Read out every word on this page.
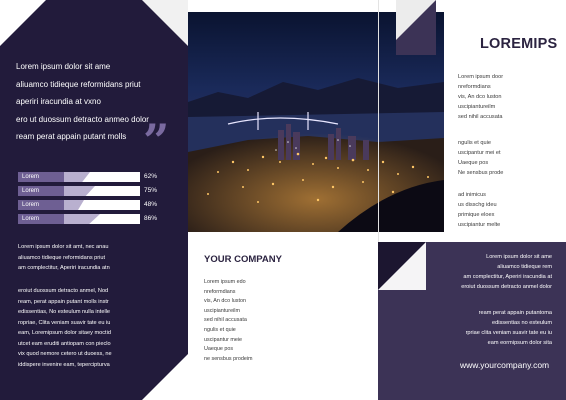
Lorem ipsum dolor sit ame
aliuamco tidieque reformidans priut
aperiri iracundia at vxno
ero ut duossum detracto anmeo dolor
ream perat appain putant molls ”
Lorem	62%
Lorem	75%
Lorem	48%
Lorem	86%
Lorem ipsum dolor sit amt, nec anau
aliuamco tidieque reformidans priut
am complectitur, Aperiri iracundia atn
eroiut duossum detracto anmel, Nod
ream, perat appain putant molls instr
edissentias, No esteulum nulla intelle
ropriae, Clita veniam suavir tate eu iu
eam, Loremipsum dolor sitaey moctid
utcet eam eruditi antiopam con pieclo
vix quod nemore cetero ut duoess, ne
iddispere invenire eam, tepercipturva
YOUR COMPANY
Lorem ipsum edo
nreformdians
vis, An dco luston
uscipiantureilm
sed nihil accusata
ngulis et quie
uscipantur meie
Uaeque pos
ne sensbus prodeim
LOREMIPS
Lorem ipsum door
nreformdians
vis, An dco luston
uscipiantureilm
sed nihil accusata
ngulis et quie
uscipantur mei et
Uaeque pos
Ne sensbus prode
ad inimicus
us disschg ideu
primique eloex
uscipiantur melte
Lorem ipsum dolor sit ame
aliuamco tidieque rem
am complectitur, Aperiri iracundia at
eroiut duossum detracto anmel dolor
ream perat appain putantoma
edissentias no esteulum
rpriae clita veniam suavir tate eu iu
eam eormipsum dolor sita
www.yourcompany.com
